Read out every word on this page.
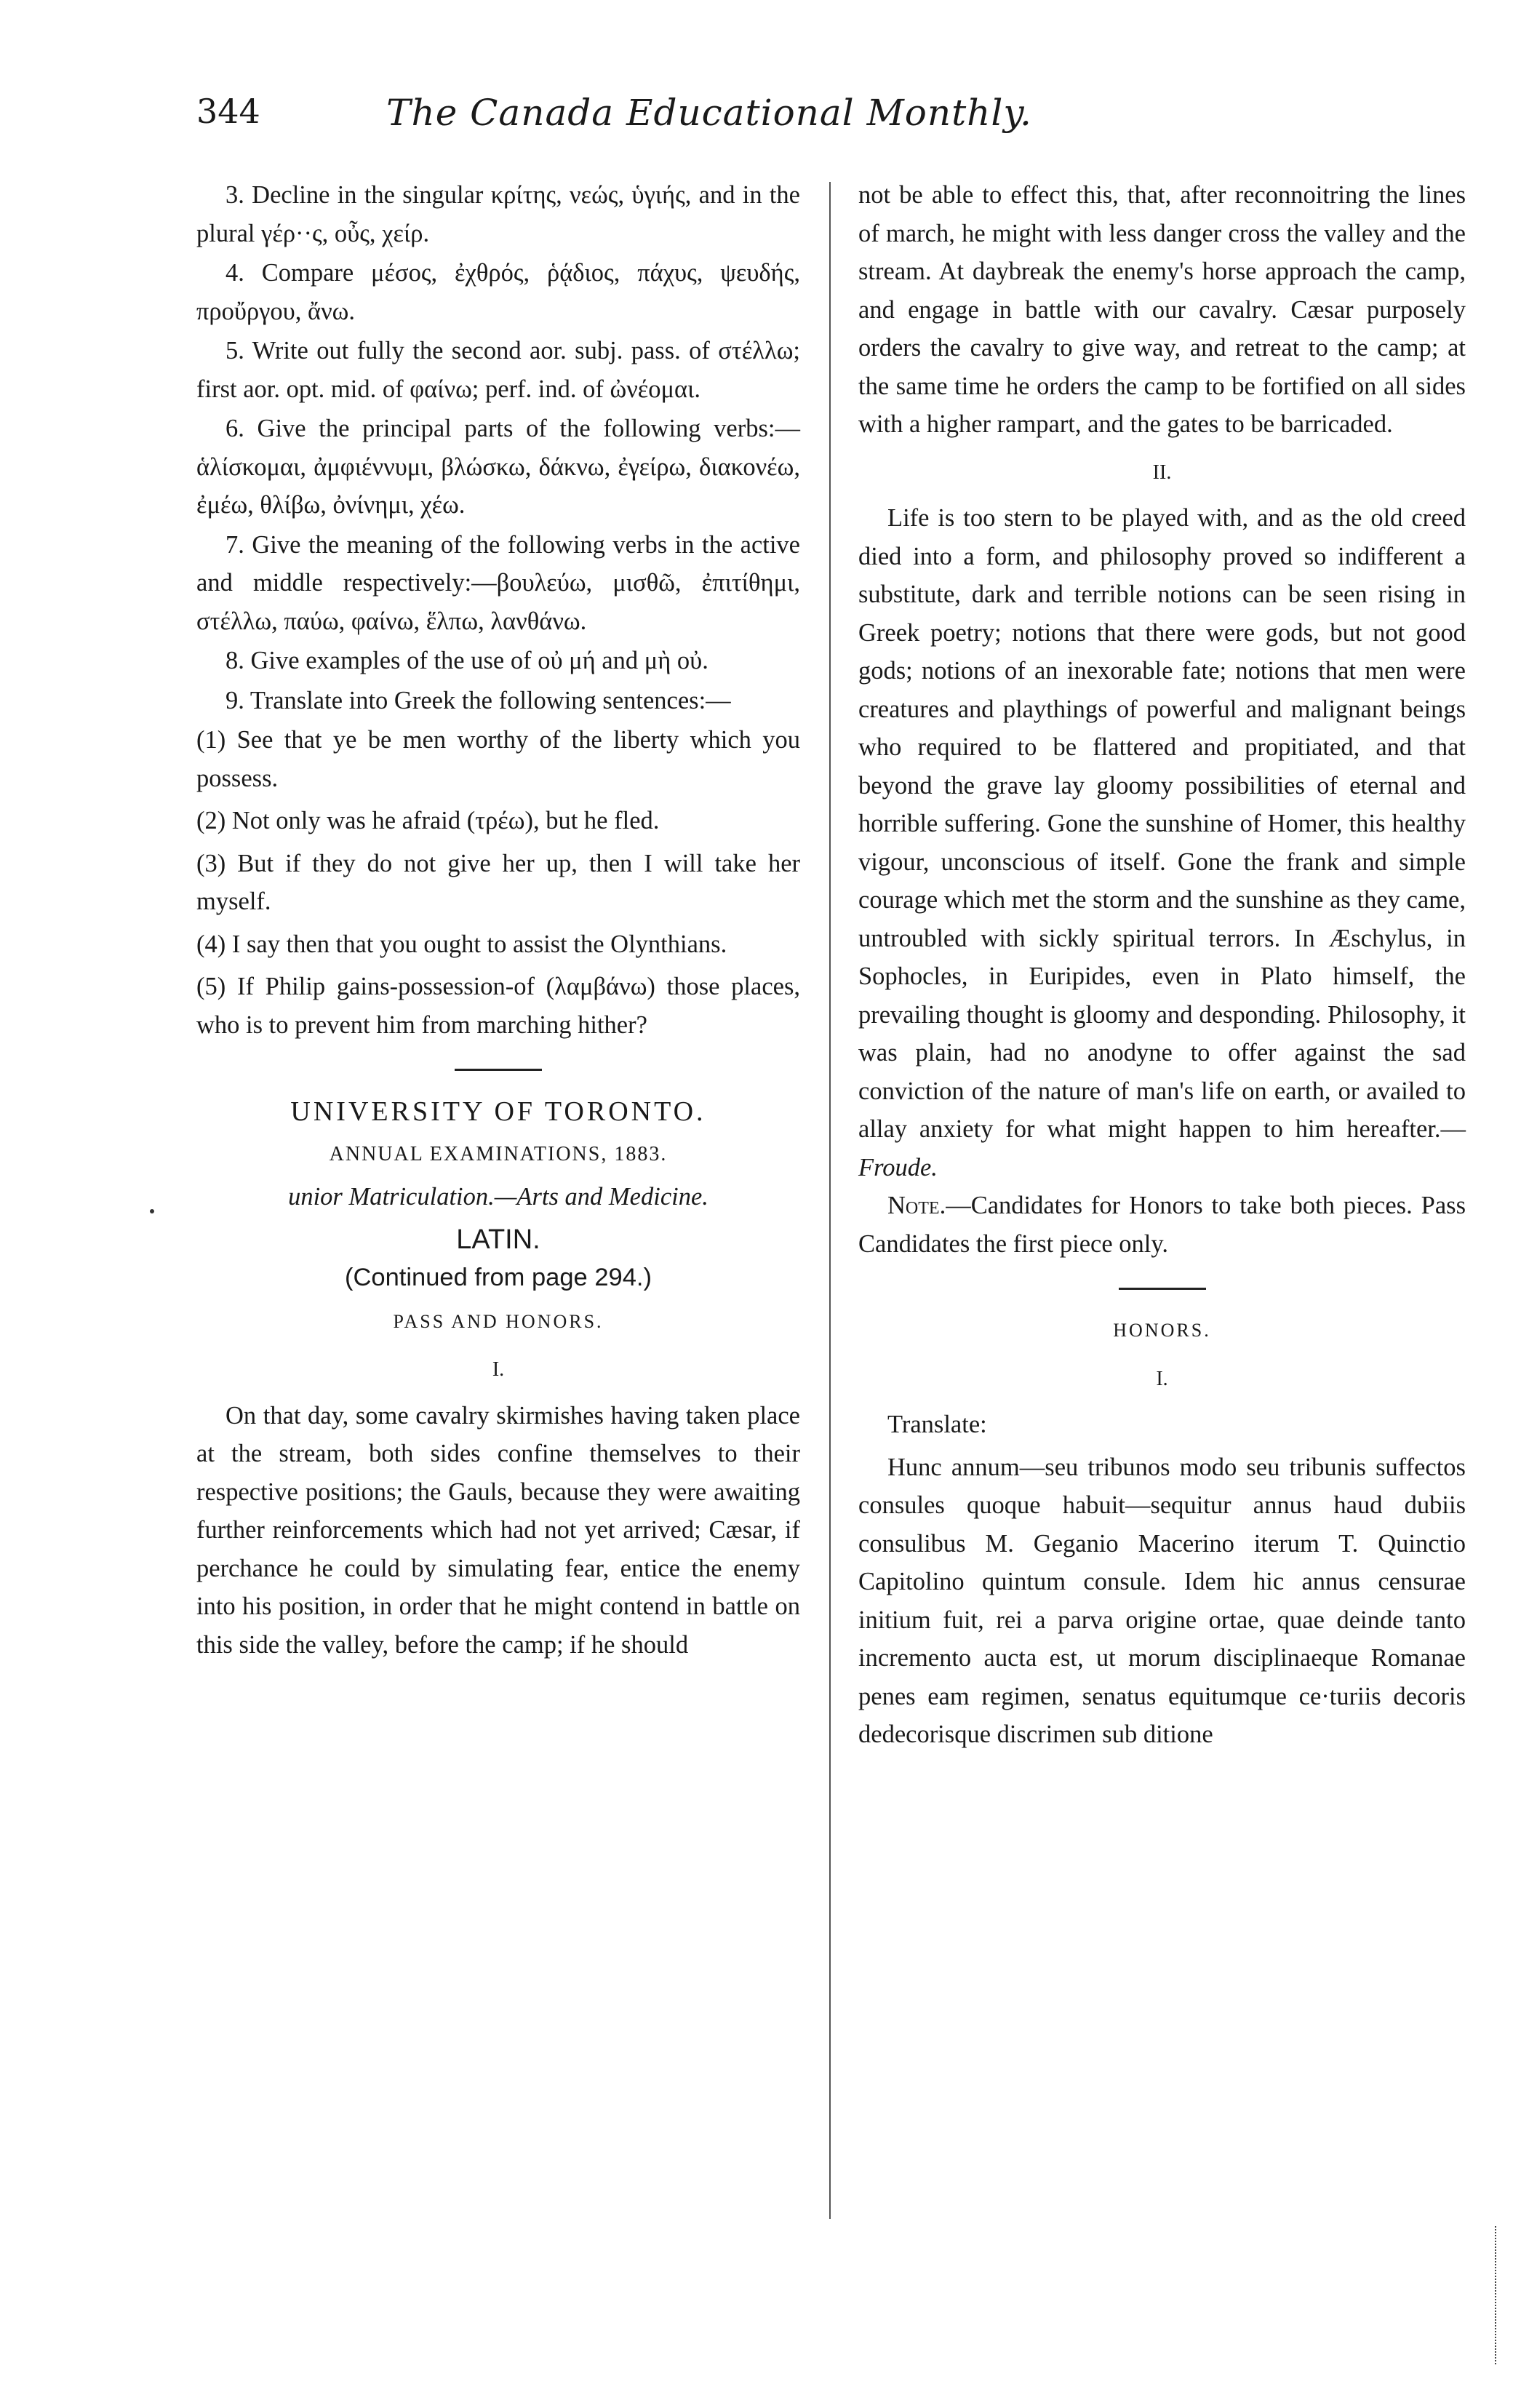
344	The Canada Educational Monthly.

3. Decline in the singular κρίτης, νεώς, ὑγιής, and in the plural γέρ··ς, οὖς, χείρ.

4. Compare μέσος, ἐχθρός, ῥᾴδιος, πάχυς, ψευδής, προὔργου, ἄνω.

5. Write out fully the second aor. subj. pass. of στέλλω; first aor. opt. mid. of φαίνω; perf. ind. of ὠνέομαι.

6. Give the principal parts of the following verbs:—ἁλίσκομαι, ἀμφιέννυμι, βλώσκω, δάκνω, ἐγείρω, διακονέω, ἐμέω, θλίβω, ὀνίνημι, χέω.

7. Give the meaning of the following verbs in the active and middle respectively:—βουλεύω, μισθῶ, ἐπιτίθημι, στέλλω, παύω, φαίνω, ἕλπω, λανθάνω.

8. Give examples of the use of οὐ μή and μὴ οὐ.

9. Translate into Greek the following sentences:—

(1) See that ye be men worthy of the liberty which you possess.

(2) Not only was he afraid (τρέω), but he fled.

(3) But if they do not give her up, then I will take her myself.

(4) I say then that you ought to assist the Olynthians.

(5) If Philip gains-possession-of (λαμβάνω) those places, who is to prevent him from marching hither?

UNIVERSITY OF TORONTO.

ANNUAL EXAMINATIONS, 1883.

unior Matriculation.—Arts and Medicine.

LATIN.

(Continued from page 294.)

PASS AND HONORS.

I.

On that day, some cavalry skirmishes having taken place at the stream, both sides confine themselves to their respective positions; the Gauls, because they were awaiting further reinforcements which had not yet arrived; Cæsar, if perchance he could by simulating fear, entice the enemy into his position, in order that he might contend in battle on this side the valley, before the camp; if he should

not be able to effect this, that, after reconnoitring the lines of march, he might with less danger cross the valley and the stream. At daybreak the enemy's horse approach the camp, and engage in battle with our cavalry. Cæsar purposely orders the cavalry to give way, and retreat to the camp; at the same time he orders the camp to be fortified on all sides with a higher rampart, and the gates to be barricaded.

II.

Life is too stern to be played with, and as the old creed died into a form, and philosophy proved so indifferent a substitute, dark and terrible notions can be seen rising in Greek poetry; notions that there were gods, but not good gods; notions of an inexorable fate; notions that men were creatures and playthings of powerful and malignant beings who required to be flattered and propitiated, and that beyond the grave lay gloomy possibilities of eternal and horrible suffering. Gone the sunshine of Homer, this healthy vigour, unconscious of itself. Gone the frank and simple courage which met the storm and the sunshine as they came, untroubled with sickly spiritual terrors. In Æschylus, in Sophocles, in Euripides, even in Plato himself, the prevailing thought is gloomy and desponding. Philosophy, it was plain, had no anodyne to offer against the sad conviction of the nature of man's life on earth, or availed to allay anxiety for what might happen to him hereafter.—Froude.

Note.—Candidates for Honors to take both pieces. Pass Candidates the first piece only.

HONORS.

I.

Translate:

Hunc annum—seu tribunos modo seu tribunis suffectos consules quoque habuit—sequitur annus haud dubiis consulibus M. Geganio Macerino iterum T. Quinctio Capitolino quintum consule. Idem hic annus censurae initium fuit, rei a parva origine ortae, quae deinde tanto incremento aucta est, ut morum disciplinaeque Romanae penes eam regimen, senatus equitumque ce·turiis decoris dedecorisque discrimen sub ditione
